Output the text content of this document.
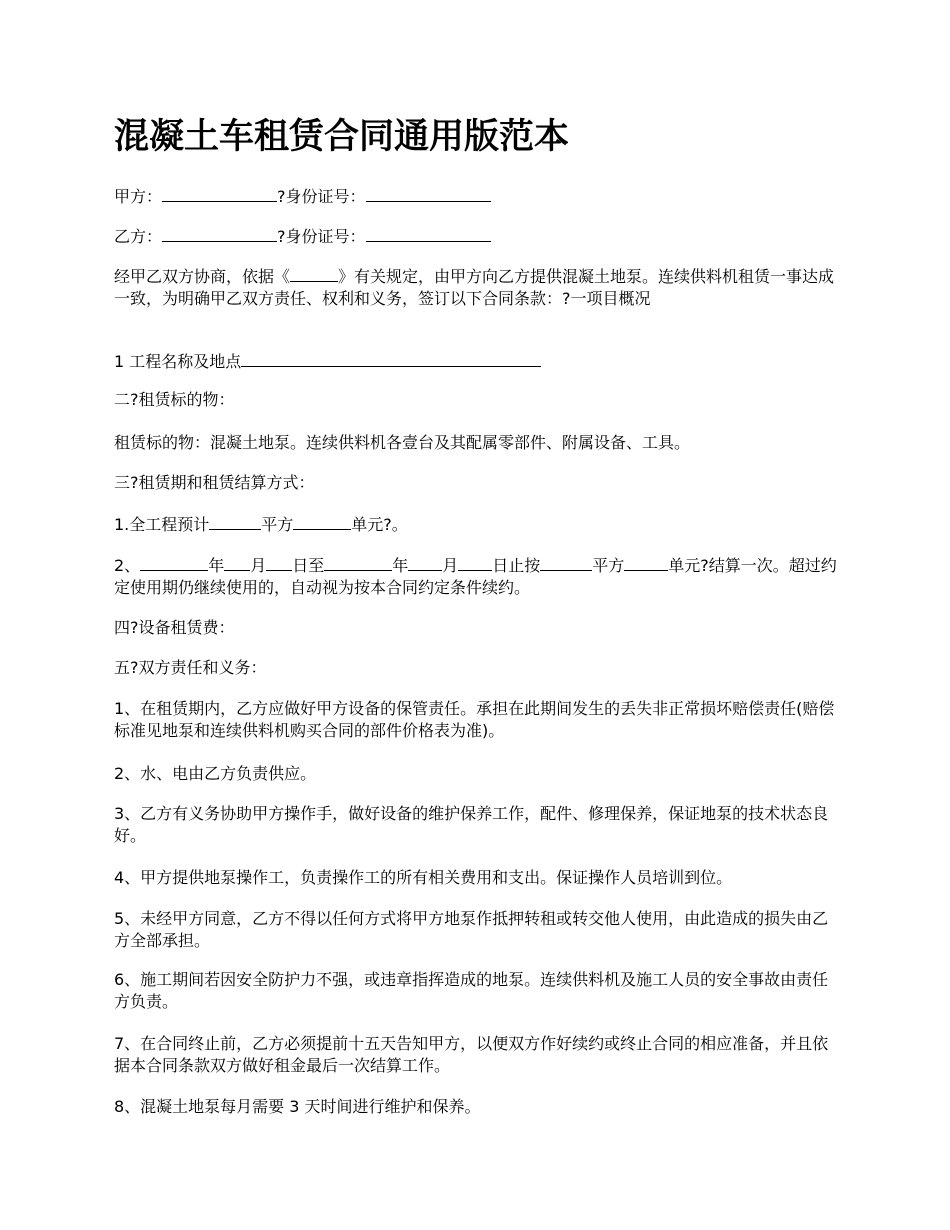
混凝土车租赁合同通用版范本

甲方：	?身份证号：

乙方：	?身份证号：

经甲乙双方协商，依据《	》有关规定，由甲方向乙方提供混凝土地泵。连续供料机租赁一事达成一致，为明确甲乙双方责任、权利和义务，签订以下合同条款：?一项目概况

1 工程名称及地点

二?租赁标的物：

租赁标的物：混凝土地泵。连续供料机各壹台及其配属零部件、附属设备、工具。

三?租赁期和租赁结算方式：

1.全工程预计	平方	单元?。

2、	年 月 日至	年 月 日止按	平方	单元?结算一次。超过约定使用期仍继续使用的，自动视为按本合同约定条件续约。

四?设备租赁费：

五?双方责任和义务：

1、在租赁期内，乙方应做好甲方设备的保管责任。承担在此期间发生的丢失非正常损坏赔偿责任(赔偿标准见地泵和连续供料机购买合同的部件价格表为准)。

2、水、电由乙方负责供应。

3、乙方有义务协助甲方操作手，做好设备的维护保养工作，配件、修理保养，保证地泵的技术状态良好。

4、甲方提供地泵操作工，负责操作工的所有相关费用和支出。保证操作人员培训到位。

5、未经甲方同意，乙方不得以任何方式将甲方地泵作抵押转租或转交他人使用，由此造成的损失由乙方全部承担。

6、施工期间若因安全防护力不强，或违章指挥造成的地泵。连续供料机及施工人员的安全事故由责任方负责。

7、在合同终止前，乙方必须提前十五天告知甲方，以便双方作好续约或终止合同的相应准备，并且依据本合同条款双方做好租金最后一次结算工作。

8、混凝土地泵每月需要 3 天时间进行维护和保养。
